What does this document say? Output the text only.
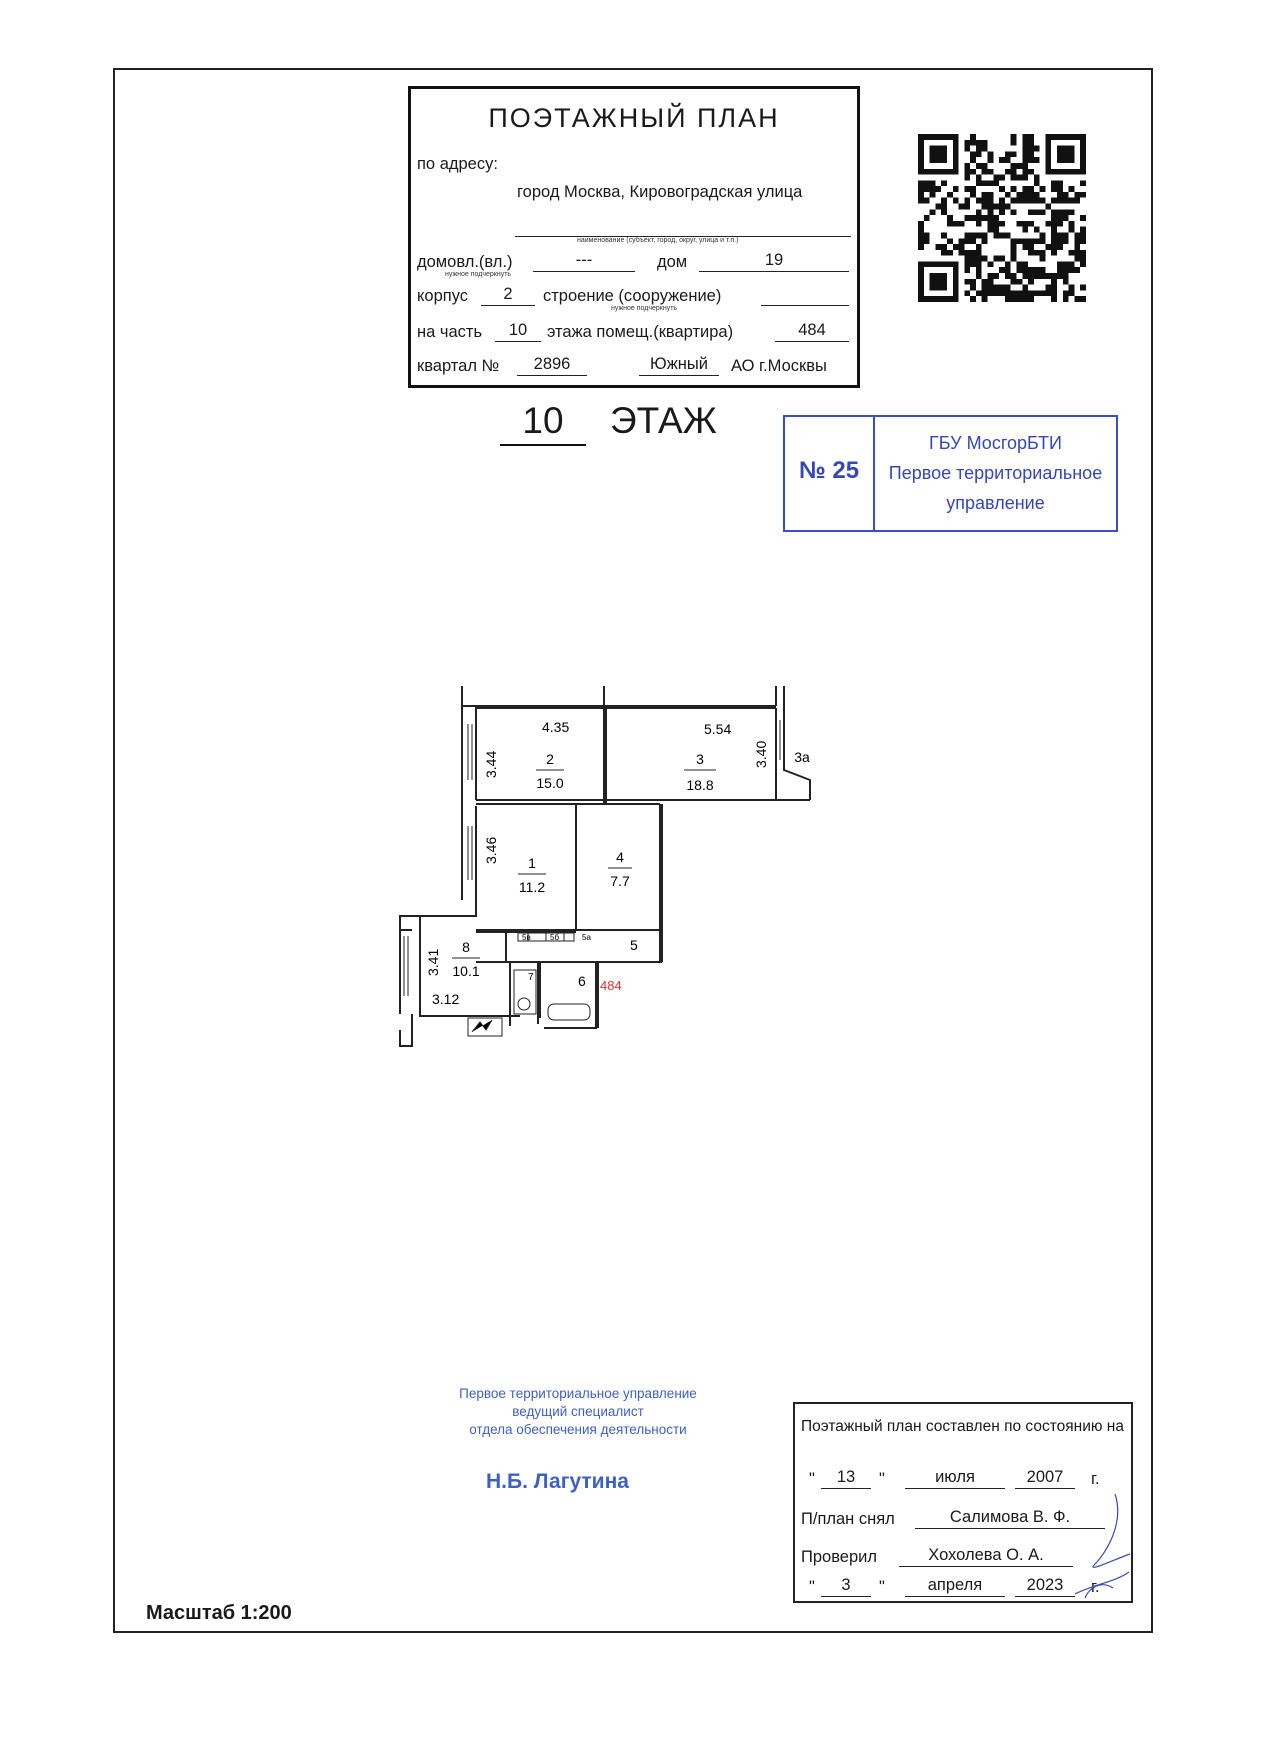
ПОЭТАЖНЫЙ ПЛАН
по адресу:
город Москва, Кировоградская улица
наименование (субъект, город, округ, улица и т.п.)
домовл.(вл.)
нужное подчеркнуть
---	дом	19
корпус	2	строение (сооружение)
нужное подчеркнуть
на часть	10	этажа помещ.(квартира)	484
квартал №	2896	Южный	АО г.Москвы
10	ЭТАЖ
№ 25
ГБУ МосгорБТИ
Первое территориальное
управление
4.35
3.44	2
15.0
5.54
3.40
3
18.8
3а
3.46 1
11.2
4
7.7
5
5в 5б	5а
3.41
8
10.1
3.12
7	6 484
Первое территориальное управление
ведущий специалист
отдела обеспечения деятельности
Н.Б. Лагутина
Масштаб 1:200
Поэтажный план составлен по состоянию на
"	13	"	июля	2007	г.
П/план снял	Салимова В. Ф.
Проверил	Хохолева О. А.
"	3	"	апреля	2023	г.
